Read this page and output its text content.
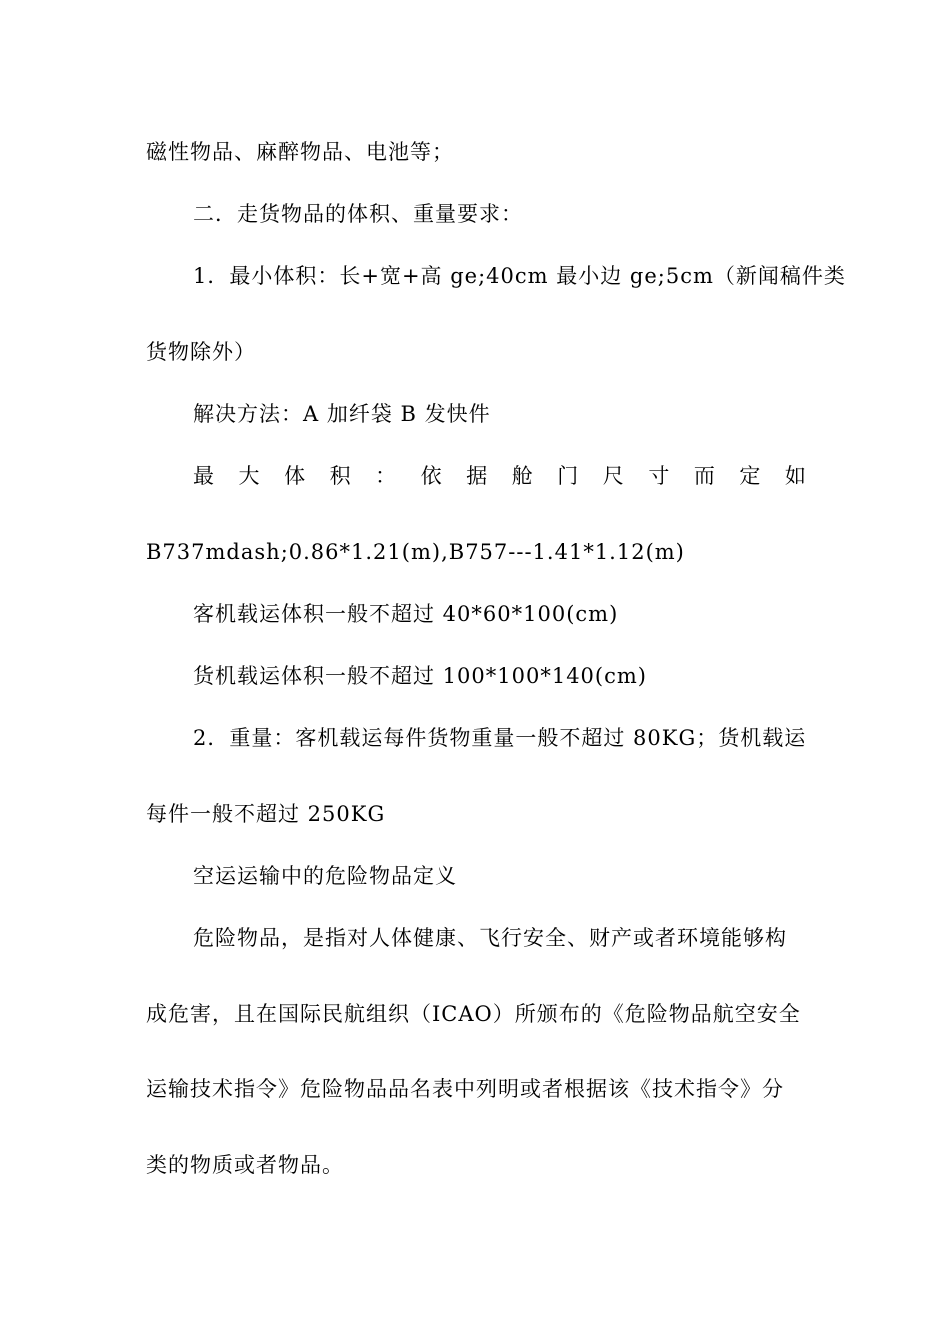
磁性物品、麻醉物品、电池等；
二．走货物品的体积、重量要求：
1．最小体积：长+宽+高 ge;40cm 最小边 ge;5cm（新闻稿件类
货物除外）
解决方法：A 加纤袋 B 发快件
最 大 体 积 ： 依 据 舱 门 尺 寸 而 定 如
B737mdash;0.86*1.21(m),B757---1.41*1.12(m)
客机载运体积一般不超过 40*60*100(cm)
货机载运体积一般不超过 100*100*140(cm)
2．重量：客机载运每件货物重量一般不超过 80KG；货机载运
每件一般不超过 250KG
空运运输中的危险物品定义
危险物品，是指对人体健康、飞行安全、财产或者环境能够构
成危害，且在国际民航组织（ICAO）所颁布的《危险物品航空安全
运输技术指令》危险物品品名表中列明或者根据该《技术指令》分
类的物质或者物品。
